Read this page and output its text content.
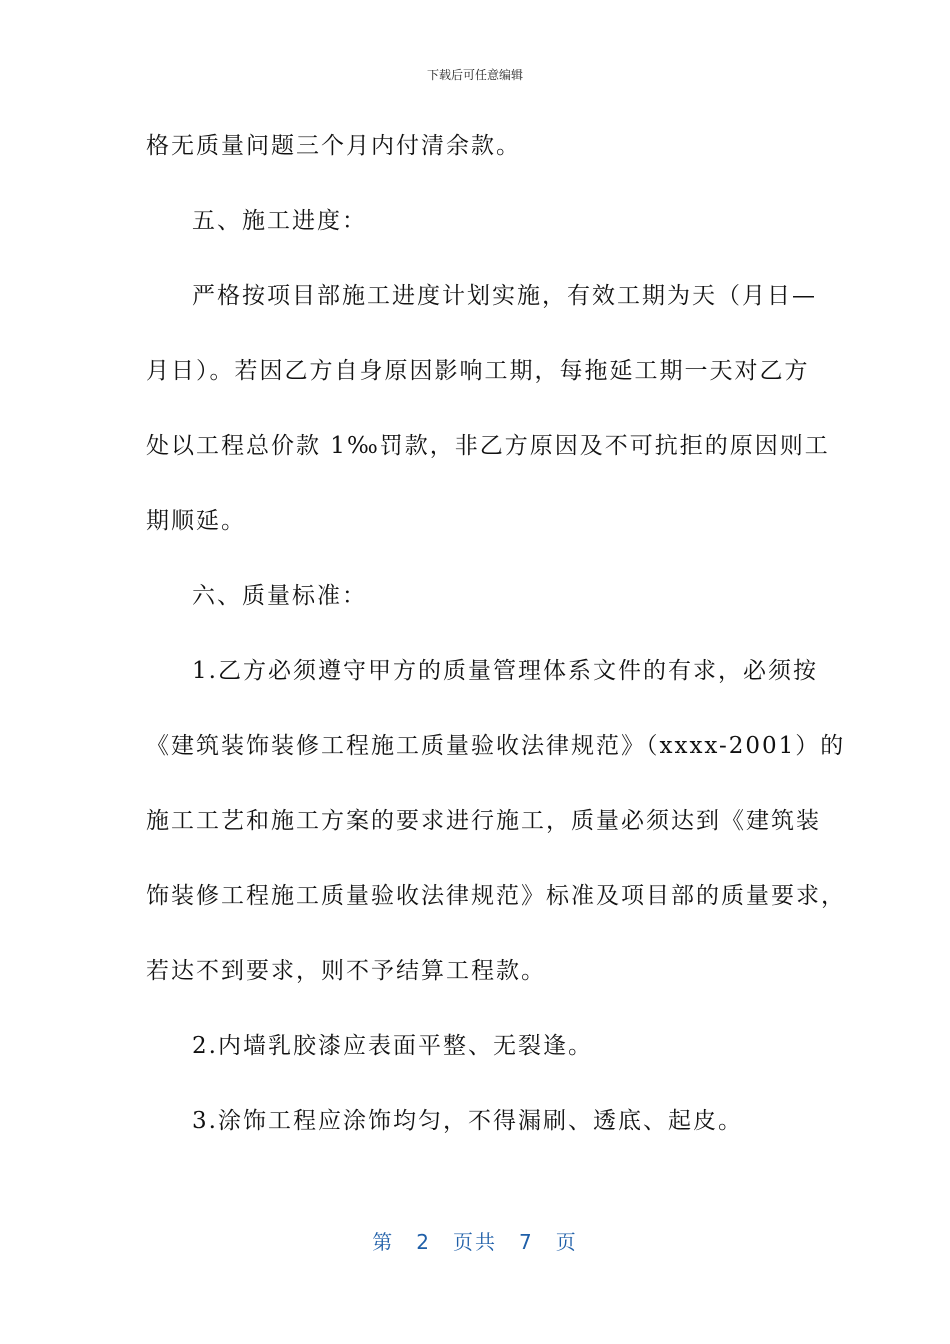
下载后可任意编辑
格无质量问题三个月内付清余款。
五、施工进度：
严格按项目部施工进度计划实施，有效工期为天（月日—
月日）。若因乙方自身原因影响工期，每拖延工期一天对乙方
处以工程总价款 1‰罚款，非乙方原因及不可抗拒的原因则工
期顺延。
六、质量标准：
1.乙方必须遵守甲方的质量管理体系文件的有求，必须按
《建筑装饰装修工程施工质量验收法律规范》（xxxx-2001）的
施工工艺和施工方案的要求进行施工，质量必须达到《建筑装
饰装修工程施工质量验收法律规范》标准及项目部的质量要求，
若达不到要求，则不予结算工程款。
2.内墙乳胶漆应表面平整、无裂逢。
3.涂饰工程应涂饰均匀，不得漏刷、透底、起皮。
第 2 页共 7 页
